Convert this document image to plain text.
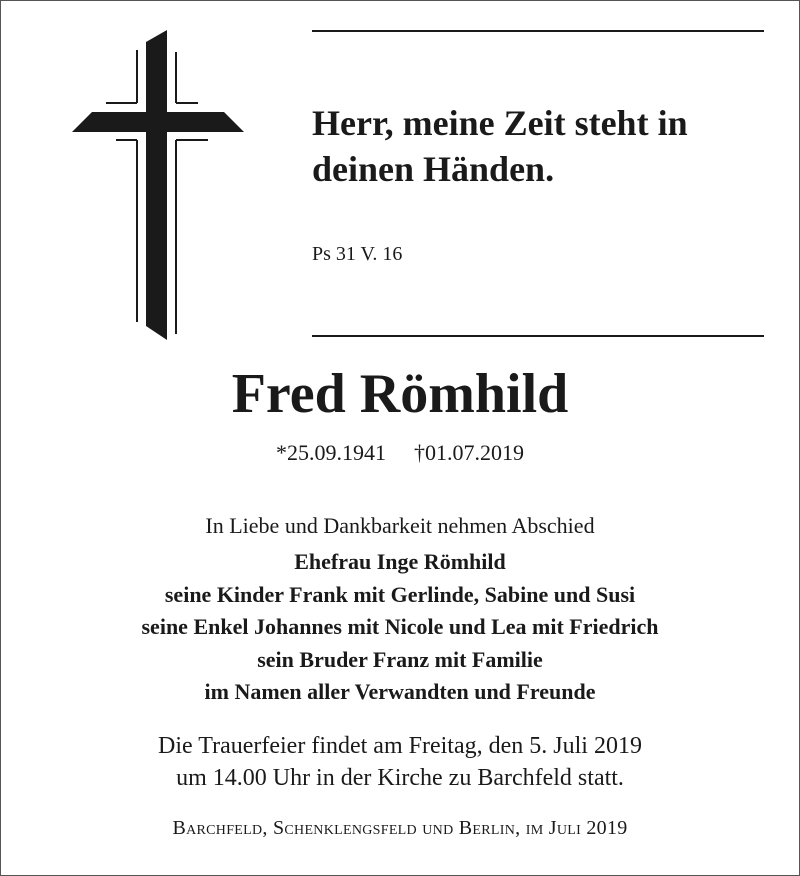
Herr, meine Zeit steht in
deinen Händen.
Ps 31 V. 16
Fred Römhild
*25.09.1941 †01.07.2019
In Liebe und Dankbarkeit nehmen Abschied
Ehefrau Inge Römhild
seine Kinder Frank mit Gerlinde, Sabine und Susi
seine Enkel Johannes mit Nicole und Lea mit Friedrich
sein Bruder Franz mit Familie
im Namen aller Verwandten und Freunde
Die Trauerfeier findet am Freitag, den 5. Juli 2019
um 14.00 Uhr in der Kirche zu Barchfeld statt.
Barchfeld, Schenklengsfeld und Berlin, im Juli 2019
